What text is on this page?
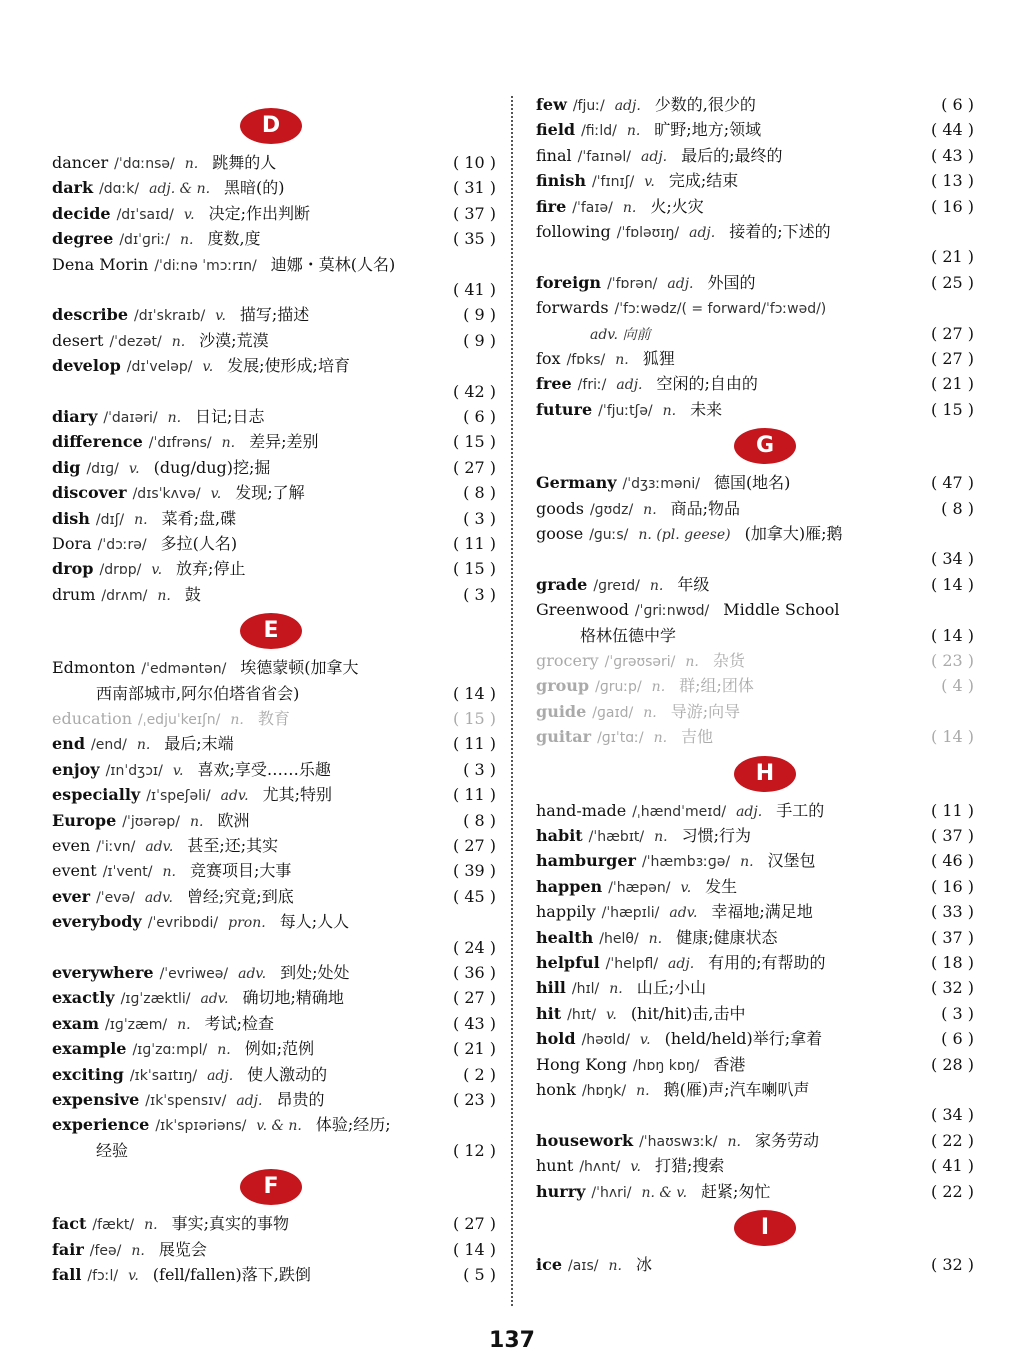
D
dancer /ˈdɑːnsə/ n. 跳舞的人	( 10 )
dark /dɑːk/ adj. & n. 黑暗(的)	( 31 )
decide /dɪˈsaɪd/ v. 决定;作出判断	( 37 )
degree /dɪˈɡriː/ n. 度数,度	( 35 )
Dena Morin /ˈdiːnə ˈmɔːrɪn/ 迪娜・莫林(人名)
( 41 )
describe /dɪˈskraɪb/ v. 描写;描述	( 9 )
desert /ˈdezət/ n. 沙漠;荒漠	( 9 )
develop /dɪˈveləp/ v. 发展;使形成;培育
( 42 )
diary /ˈdaɪəri/ n. 日记;日志	( 6 )
difference /ˈdɪfrəns/ n. 差异;差别	( 15 )
dig /dɪɡ/ v. (dug/dug)挖;掘	( 27 )
discover /dɪsˈkʌvə/ v. 发现;了解	( 8 )
dish /dɪʃ/ n. 菜肴;盘,碟	( 3 )
Dora /ˈdɔːrə/ 多拉(人名)	( 11 )
drop /drɒp/ v. 放弃;停止	( 15 )
drum /drʌm/ n. 鼓	( 3 )
E
Edmonton /ˈedməntən/ 埃德蒙顿(加拿大
西南部城市,阿尔伯塔省省会)	( 14 )
education /ˌedjuˈkeɪʃn/ n. 教育	( 15 )
end /end/ n. 最后;末端	( 11 )
enjoy /ɪnˈdʒɔɪ/ v. 喜欢;享受……乐趣	( 3 )
especially /ɪˈspeʃəli/ adv. 尤其;特别	( 11 )
Europe /ˈjʊərəp/ n. 欧洲	( 8 )
even /ˈiːvn/ adv. 甚至;还;其实	( 27 )
event /ɪˈvent/ n. 竞赛项目;大事	( 39 )
ever /ˈevə/ adv. 曾经;究竟;到底	( 45 )
everybody /ˈevribɒdi/ pron. 每人;人人
( 24 )
everywhere /ˈevriweə/ adv. 到处;处处	( 36 )
exactly /ɪɡˈzæktli/ adv. 确切地;精确地	( 27 )
exam /ɪɡˈzæm/ n. 考试;检查	( 43 )
example /ɪɡˈzɑːmpl/ n. 例如;范例	( 21 )
exciting /ɪkˈsaɪtɪŋ/ adj. 使人激动的	( 2 )
expensive /ɪkˈspensɪv/ adj. 昂贵的	( 23 )
experience /ɪkˈspɪəriəns/ v. & n. 体验;经历;
经验	( 12 )
F
fact /fækt/ n. 事实;真实的事物	( 27 )
fair /feə/ n. 展览会	( 14 )
fall /fɔːl/ v. (fell/fallen)落下,跌倒	( 5 )
few /fjuː/ adj. 少数的,很少的	( 6 )
field /fiːld/ n. 旷野;地方;领域	( 44 )
final /ˈfaɪnəl/ adj. 最后的;最终的	( 43 )
finish /ˈfɪnɪʃ/ v. 完成;结束	( 13 )
fire /ˈfaɪə/ n. 火;火灾	( 16 )
following /ˈfɒləʊɪŋ/ adj. 接着的;下述的
( 21 )
foreign /ˈfɒrən/ adj. 外国的	( 25 )
forwards /ˈfɔːwədz/( = forward/ˈfɔːwəd/)
adv. 向前	( 27 )
fox /fɒks/ n. 狐狸	( 27 )
free /friː/ adj. 空闲的;自由的	( 21 )
future /ˈfjuːtʃə/ n. 未来	( 15 )
G
Germany /ˈdʒɜːməni/ 德国(地名)	( 47 )
goods /ɡʊdz/ n. 商品;物品	( 8 )
goose /ɡuːs/ n. (pl. geese) (加拿大)雁;鹅
( 34 )
grade /ɡreɪd/ n. 年级	( 14 )
Greenwood /ˈɡriːnwʊd/ Middle School
格林伍德中学	( 14 )
grocery /ˈɡrəʊsəri/ n. 杂货	( 23 )
group /ɡruːp/ n. 群;组;团体	( 4 )
guide /ɡaɪd/ n. 导游;向导
guitar /ɡɪˈtɑː/ n. 吉他	( 14 )
H
hand-made /ˌhændˈmeɪd/ adj. 手工的	( 11 )
habit /ˈhæbɪt/ n. 习惯;行为	( 37 )
hamburger /ˈhæmbɜːɡə/ n. 汉堡包	( 46 )
happen /ˈhæpən/ v. 发生	( 16 )
happily /ˈhæpɪli/ adv. 幸福地;满足地	( 33 )
health /helθ/ n. 健康;健康状态	( 37 )
helpful /ˈhelpfl/ adj. 有用的;有帮助的	( 18 )
hill /hɪl/ n. 山丘;小山	( 32 )
hit /hɪt/ v. (hit/hit)击,击中	( 3 )
hold /həʊld/ v. (held/held)举行;拿着	( 6 )
Hong Kong /hɒŋ kɒŋ/ 香港	( 28 )
honk /hɒŋk/ n. 鹅(雁)声;汽车喇叭声
( 34 )
housework /ˈhaʊswɜːk/ n. 家务劳动	( 22 )
hunt /hʌnt/ v. 打猎;搜索	( 41 )
hurry /ˈhʌri/ n. & v. 赶紧;匆忙	( 22 )
I
ice /aɪs/ n. 冰	( 32 )
137
